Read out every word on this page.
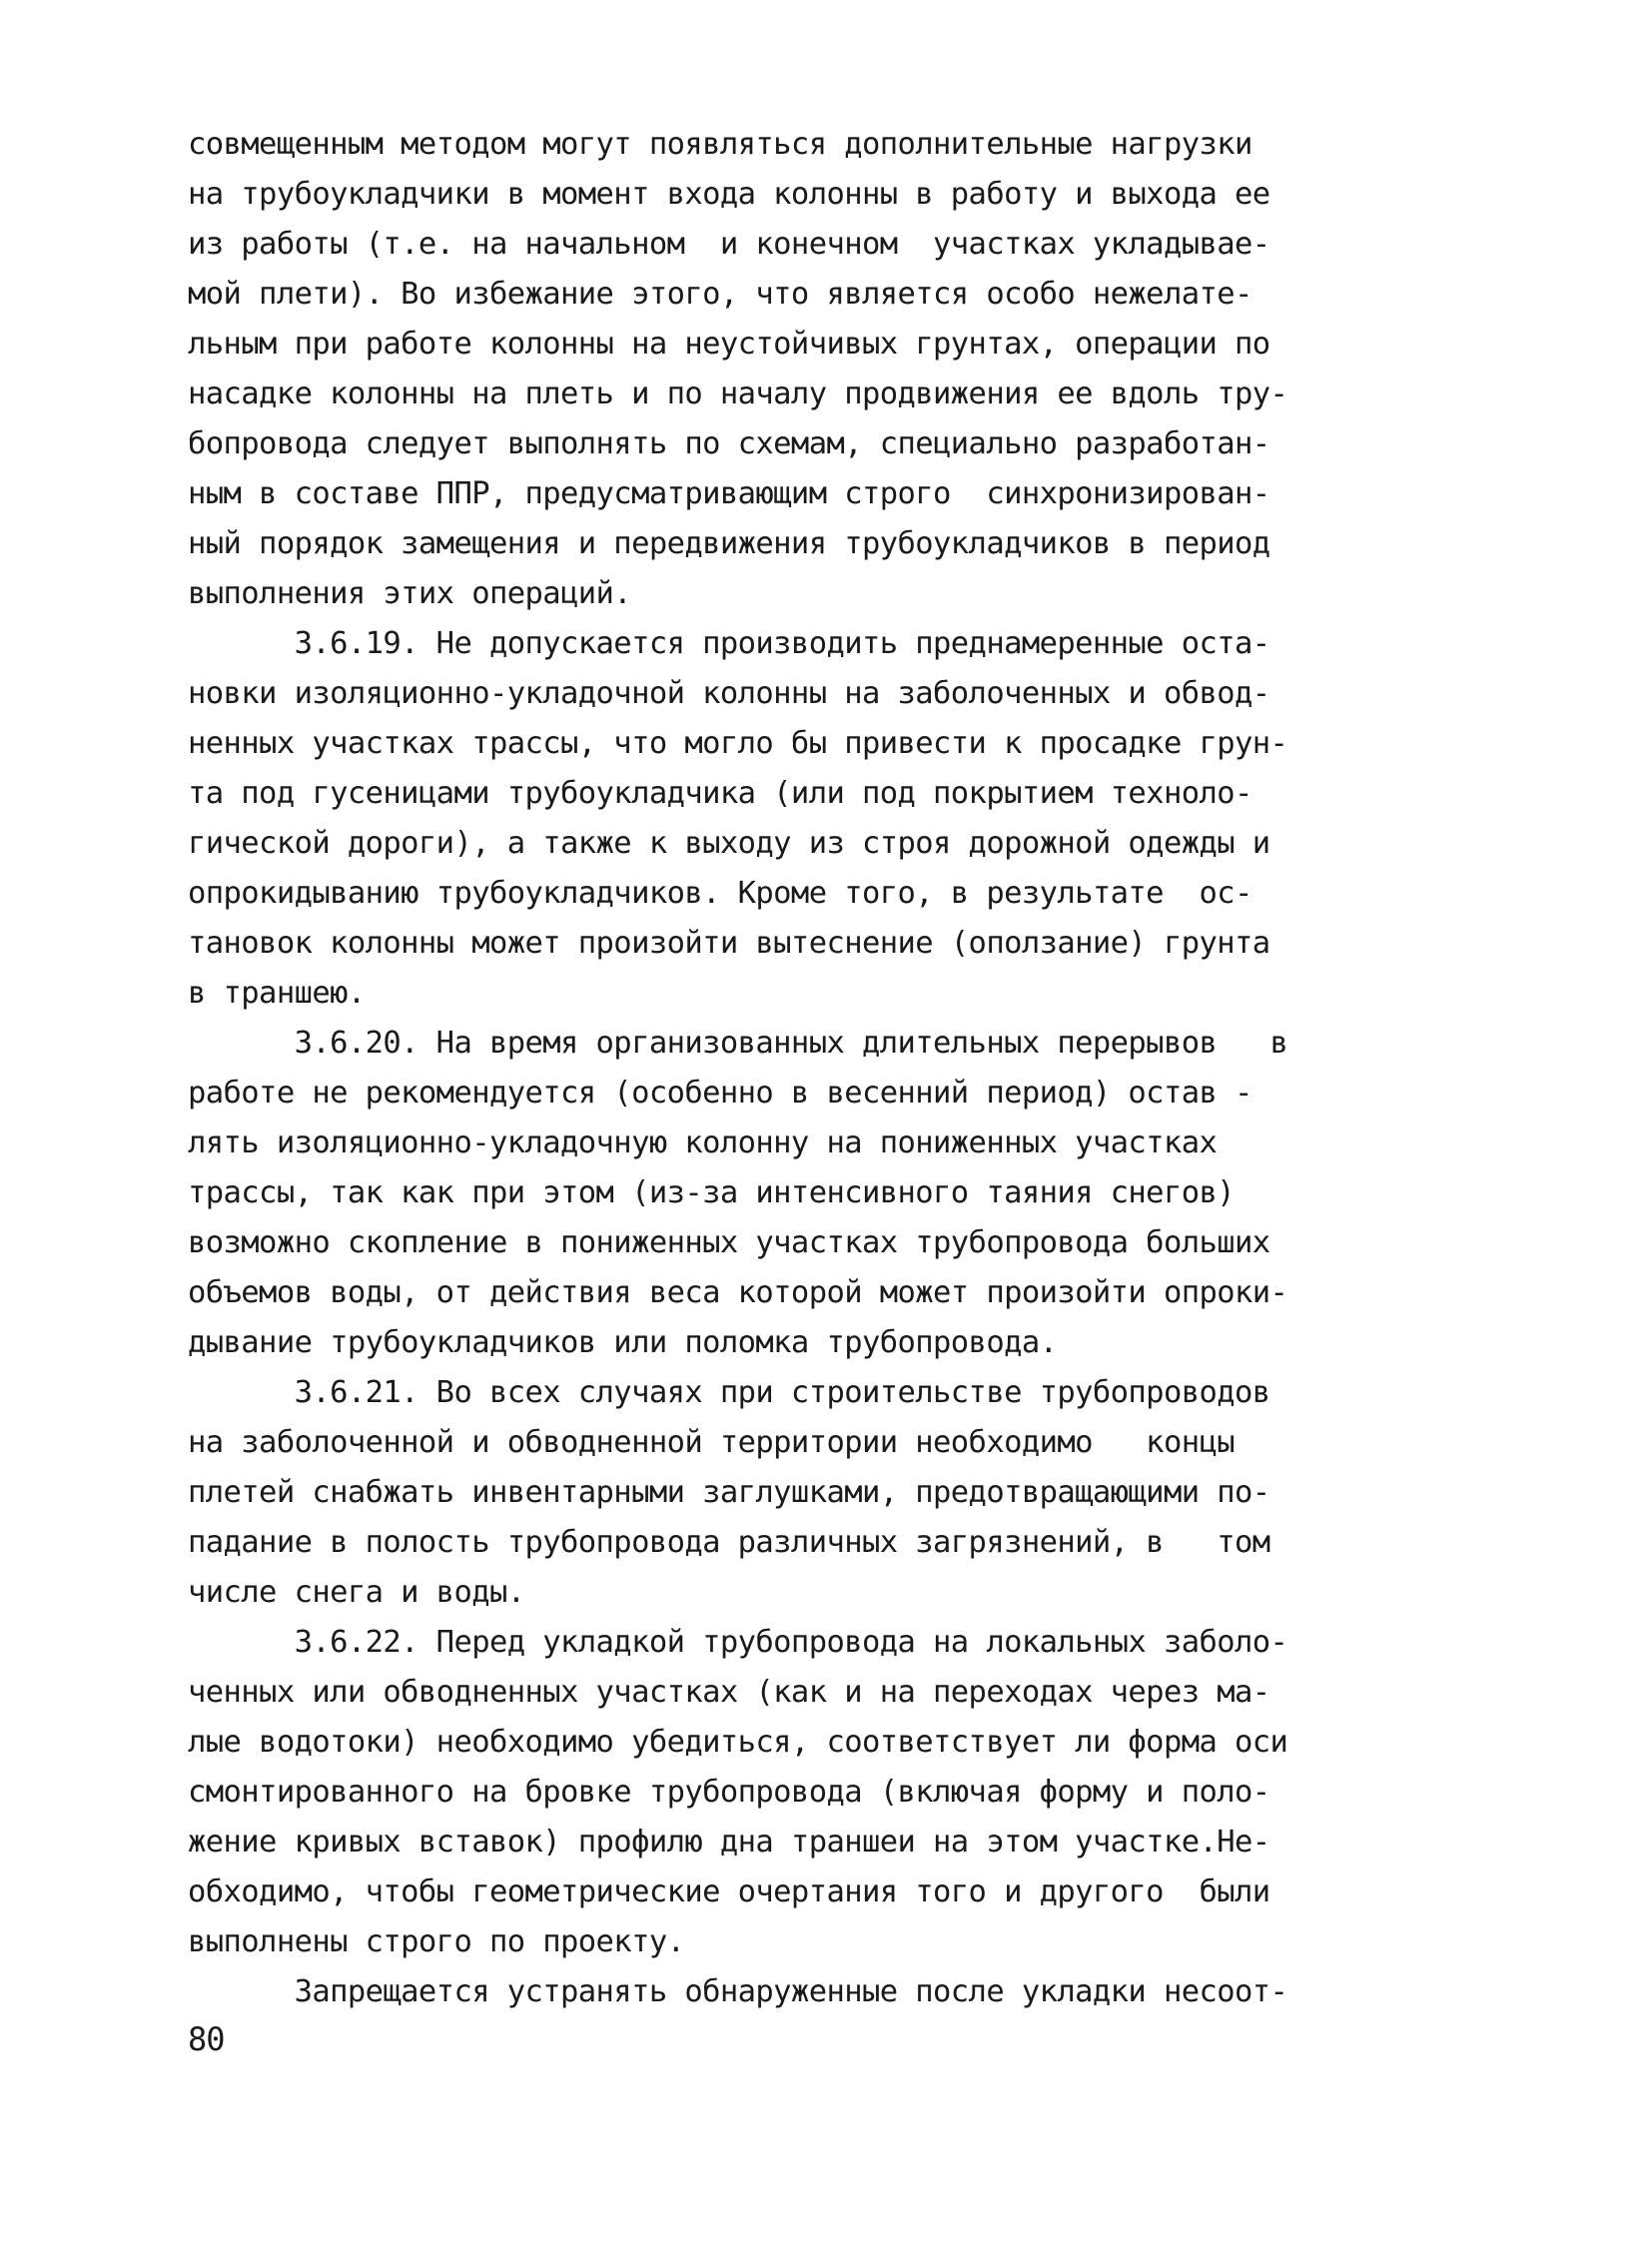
совмещенным методом могут появляться дополнительные нагрузки
на трубоукладчики в момент входа колонны в работу и выхода ее
из работы (т.е. на начальном  и конечном  участках укладывае-
мой плети). Во избежание этого, что является особо нежелате-
льным при работе колонны на неустойчивых грунтах, операции по
насадке колонны на плеть и по началу продвижения ее вдоль тру-
бопровода следует выполнять по схемам, специально разработан-
ным в составе ППР, предусматривающим строго  синхронизирован-
ный порядок замещения и передвижения трубоукладчиков в период
выполнения этих операций.
3.6.19. Не допускается производить преднамеренные оста-
новки изоляционно-укладочной колонны на заболоченных и обвод-
ненных участках трассы, что могло бы привести к просадке грун-
та под гусеницами трубоукладчика (или под покрытием техноло-
гической дороги), а также к выходу из строя дорожной одежды и
опрокидыванию трубоукладчиков. Кроме того, в результате  ос-
тановок колонны может произойти вытеснение (оползание) грунта
в траншею.
3.6.20. На время организованных длительных перерывов   в
работе не рекомендуется (особенно в весенний период) остав -
лять изоляционно-укладочную колонну на пониженных участках
трассы, так как при этом (из-за интенсивного таяния снегов)
возможно скопление в пониженных участках трубопровода больших
объемов воды, от действия веса которой может произойти опроки-
дывание трубоукладчиков или поломка трубопровода.
3.6.21. Во всех случаях при строительстве трубопроводов
на заболоченной и обводненной территории необходимо   концы
плетей снабжать инвентарными заглушками, предотвращающими по-
падание в полость трубопровода различных загрязнений, в   том
числе снега и воды.
3.6.22. Перед укладкой трубопровода на локальных заболо-
ченных или обводненных участках (как и на переходах через ма-
лые водотоки) необходимо убедиться, соответствует ли форма оси
смонтированного на бровке трубопровода (включая форму и поло-
жение кривых вставок) профилю дна траншеи на этом участке.Не-
обходимо, чтобы геометрические очертания того и другого  были
выполнены строго по проекту.
Запрещается устранять обнаруженные после укладки несоот-
80
